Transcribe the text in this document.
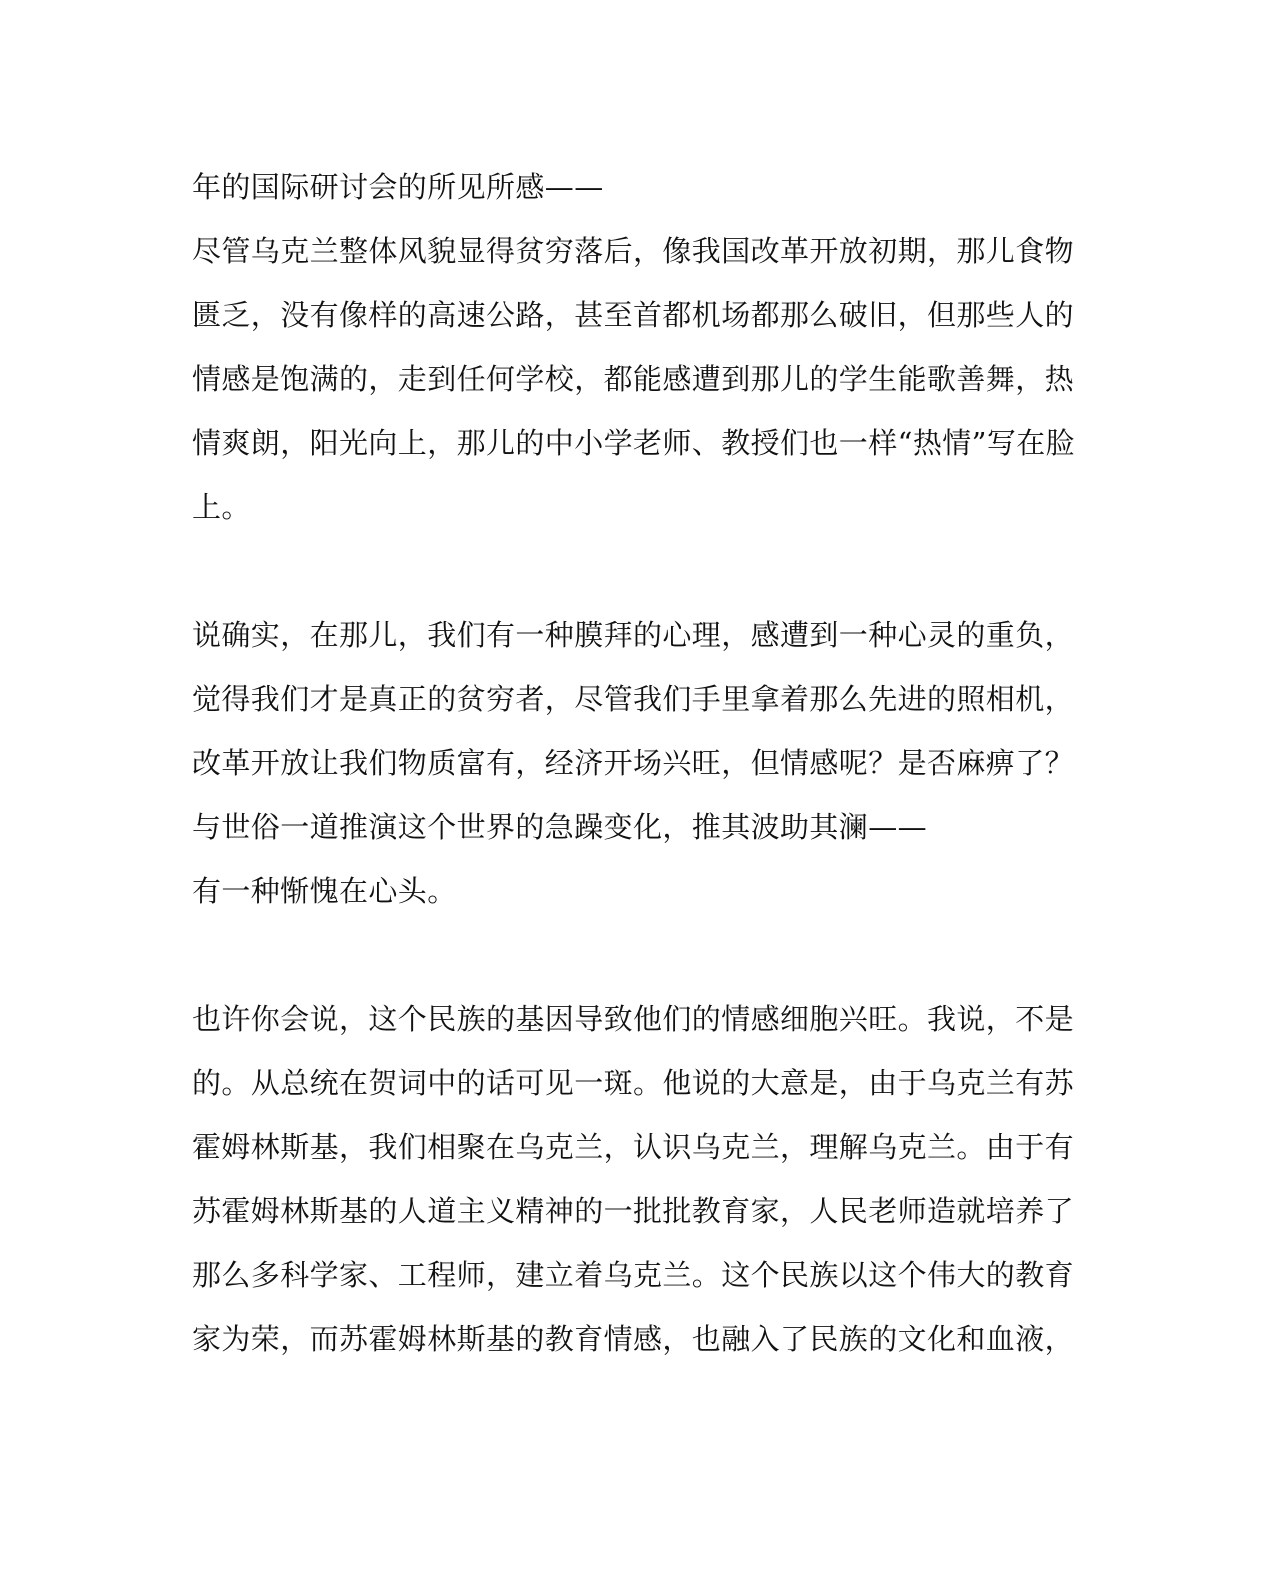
年的国际研讨会的所见所感——
尽管乌克兰整体风貌显得贫穷落后，像我国改革开放初期，那儿食物
匮乏，没有像样的高速公路，甚至首都机场都那么破旧，但那些人的
情感是饱满的，走到任何学校，都能感遭到那儿的学生能歌善舞，热
情爽朗，阳光向上，那儿的中小学老师、教授们也一样“热情”写在脸
上。
说确实，在那儿，我们有一种膜拜的心理，感遭到一种心灵的重负，
觉得我们才是真正的贫穷者，尽管我们手里拿着那么先进的照相机，
改革开放让我们物质富有，经济开场兴旺，但情感呢？是否麻痹了？
与世俗一道推演这个世界的急躁变化，推其波助其澜——
有一种惭愧在心头。
也许你会说，这个民族的基因导致他们的情感细胞兴旺。我说，不是
的。从总统在贺词中的话可见一斑。他说的大意是，由于乌克兰有苏
霍姆林斯基，我们相聚在乌克兰，认识乌克兰，理解乌克兰。由于有
苏霍姆林斯基的人道主义精神的一批批教育家，人民老师造就培养了
那么多科学家、工程师，建立着乌克兰。这个民族以这个伟大的教育
家为荣，而苏霍姆林斯基的教育情感，也融入了民族的文化和血液，
